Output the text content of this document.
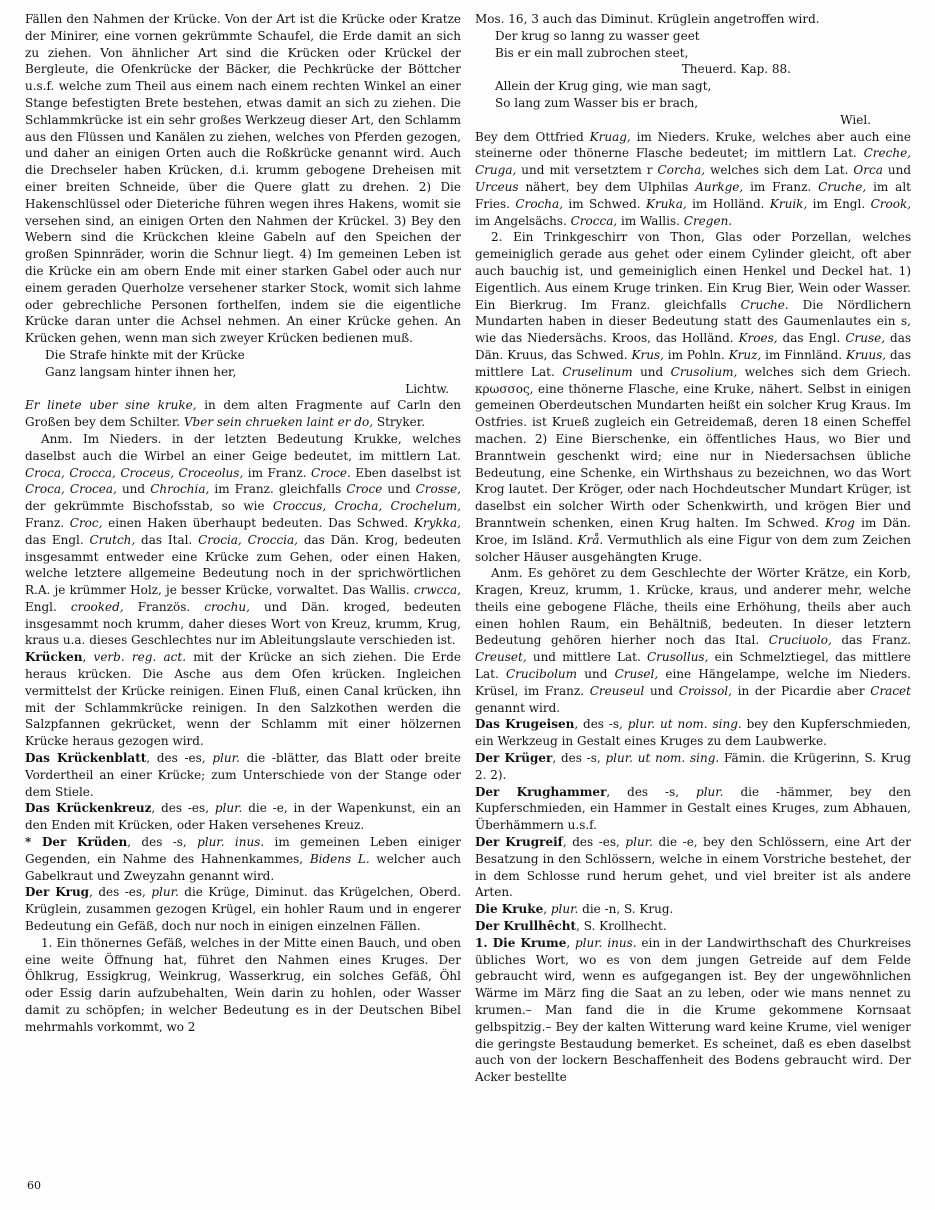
Fällen den Nahmen der Krücke. Von der Art ist die Krücke oder Kratze der Minirer, eine vornen gekrümmte Schaufel, die Erde damit an sich zu ziehen. Von ähnlicher Art sind die Krücken oder Krückel der Bergleute, die Ofenkrücke der Bäcker, die Pechkrücke der Böttcher u.s.f. welche zum Theil aus einem nach einem rechten Winkel an einer Stange befestigten Brete bestehen, etwas damit an sich zu ziehen. Die Schlammkrücke ist ein sehr großes Werkzeug dieser Art, den Schlamm aus den Flüssen und Kanälen zu ziehen, welches von Pferden gezogen, und daher an einigen Orten auch die Roßkrücke genannt wird. Auch die Drechseler haben Krücken, d.i. krumm gebogene Dreheisen mit einer breiten Schneide, über die Quere glatt zu drehen. 2) Die Hakenschlüssel oder Dieteriche führen wegen ihres Hakens, womit sie versehen sind, an einigen Orten den Nahmen der Krückel. 3) Bey den Webern sind die Krückchen kleine Gabeln auf den Speichen der großen Spinnräder, worin die Schnur liegt. 4) Im gemeinen Leben ist die Krücke ein am obern Ende mit einer starken Gabel oder auch nur einem geraden Querholze versehener starker Stock, womit sich lahme oder gebrechliche Personen forthelfen, indem sie die eigentliche Krücke daran unter die Achsel nehmen. An einer Krücke gehen. An Krücken gehen, wenn man sich zweyer Krücken bedienen muß.
Die Strafe hinkte mit der Krücke
Ganz langsam hinter ihnen her,
Lichtw.
Er linete uber sine kruke, in dem alten Fragmente auf Carln den Großen bey dem Schilter. Vber sein chrueken laint er do, Stryker.
Anm. Im Nieders. in der letzten Bedeutung Krukke, welches daselbst auch die Wirbel an einer Geige bedeutet, im mittlern Lat. Croca, Crocca, Croceus, Croceolus, im Franz. Croce. Eben daselbst ist Croca, Crocea, und Chrochia, im Franz. gleichfalls Croce und Crosse, der gekrümmte Bischofsstab, so wie Croccus, Crocha, Crochelum, Franz. Croc, einen Haken überhaupt bedeuten. Das Schwed. Krykka, das Engl. Crutch, das Ital. Crocia, Croccia, das Dän. Krog, bedeuten insgesammt entweder eine Krücke zum Gehen, oder einen Haken, welche letztere allgemeine Bedeutung noch in der sprichwörtlichen R.A. je krümmer Holz, je besser Krücke, vorwaltet. Das Wallis. crwcca, Engl. crooked, Französ. crochu, und Dän. kroged, bedeuten insgesammt noch krumm, daher dieses Wort von Kreuz, krumm, Krug, kraus u.a. dieses Geschlechtes nur im Ableitungslaute verschieden ist.
Krücken, verb. reg. act. mit der Krücke an sich ziehen. Die Erde heraus krücken. Die Asche aus dem Ofen krücken. Ingleichen vermittelst der Krücke reinigen. Einen Fluß, einen Canal krücken, ihn mit der Schlammkrücke reinigen. In den Salzkothen werden die Salzpfannen gekrücket, wenn der Schlamm mit einer hölzernen Krücke heraus gezogen wird.
Das Krückenblatt, des -es, plur. die -blätter, das Blatt oder breite Vordertheil an einer Krücke; zum Unterschiede von der Stange oder dem Stiele.
Das Krückenkreuz, des -es, plur. die -e, in der Wapenkunst, ein an den Enden mit Krücken, oder Haken versehenes Kreuz.
* Der Krüden, des -s, plur. inus. im gemeinen Leben einiger Gegenden, ein Nahme des Hahnenkammes, Bidens L. welcher auch Gabelkraut und Zweyzahn genannt wird.
Der Krug, des -es, plur. die Krüge, Diminut. das Krügelchen, Oberd. Krüglein, zusammen gezogen Krügel, ein hohler Raum und in engerer Bedeutung ein Gefäß, doch nur noch in einigen einzelnen Fällen.
1. Ein thönernes Gefäß, welches in der Mitte einen Bauch, und oben eine weite Öffnung hat, führet den Nahmen eines Kruges. Der Öhlkrug, Essigkrug, Weinkrug, Wasserkrug, ein solches Gefäß, Öhl oder Essig darin aufzubehalten, Wein darin zu hohlen, oder Wasser damit zu schöpfen; in welcher Bedeutung es in der Deutschen Bibel mehrmahls vorkommt, wo 2
Mos. 16, 3 auch das Diminut. Krüglein angetroffen wird.
Der krug so lanng zu wasser geet
Bis er ein mall zubrochen steet,
Theuerd. Kap. 88.
Allein der Krug ging, wie man sagt,
So lang zum Wasser bis er brach,
Wiel.
Bey dem Ottfried Kruag, im Nieders. Kruke, welches aber auch eine steinerne oder thönerne Flasche bedeutet; im mittlern Lat. Creche, Cruga, und mit versetztem r Corcha, welches sich dem Lat. Orca und Urceus nähert, bey dem Ulphilas Aurkge, im Franz. Cruche, im alt Fries. Crocha, im Schwed. Kruka, im Holländ. Kruik, im Engl. Crook, im Angelsächs. Crocca, im Wallis. Cregen.
2. Ein Trinkgeschirr von Thon, Glas oder Porzellan, welches gemeiniglich gerade aus gehet oder einem Cylinder gleicht, oft aber auch bauchig ist, und gemeiniglich einen Henkel und Deckel hat. 1) Eigentlich. Aus einem Kruge trinken. Ein Krug Bier, Wein oder Wasser. Ein Bierkrug. Im Franz. gleichfalls Cruche. Die Nördlichern Mundarten haben in dieser Bedeutung statt des Gaumenlautes ein s, wie das Niedersächs. Kroos, das Holländ. Kroes, das Engl. Cruse, das Dän. Kruus, das Schwed. Krus, im Pohln. Kruz, im Finnländ. Kruus, das mittlere Lat. Cruselinum und Crusolium, welches sich dem Griech. κρωσσος, eine thönerne Flasche, eine Kruke, nähert. Selbst in einigen gemeinen Oberdeutschen Mundarten heißt ein solcher Krug Kraus. Im Ostfries. ist Krueß zugleich ein Getreidemaß, deren 18 einen Scheffel machen. 2) Eine Bierschenke, ein öffentliches Haus, wo Bier und Branntwein geschenkt wird; eine nur in Niedersachsen übliche Bedeutung, eine Schenke, ein Wirthshaus zu bezeichnen, wo das Wort Krog lautet. Der Kröger, oder nach Hochdeutscher Mundart Krüger, ist daselbst ein solcher Wirth oder Schenkwirth, und krögen Bier und Branntwein schenken, einen Krug halten. Im Schwed. Krog im Dän. Kroe, im Isländ. Krå. Vermuthlich als eine Figur von dem zum Zeichen solcher Häuser ausgehängten Kruge.
Anm. Es gehöret zu dem Geschlechte der Wörter Krätze, ein Korb, Kragen, Kreuz, krumm, 1. Krücke, kraus, und anderer mehr, welche theils eine gebogene Fläche, theils eine Erhöhung, theils aber auch einen hohlen Raum, ein Behältniß, bedeuten. In dieser letztern Bedeutung gehören hierher noch das Ital. Cruciuolo, das Franz. Creuset, und mittlere Lat. Crusollus, ein Schmelztiegel, das mittlere Lat. Crucibolum und Crusel, eine Hängelampe, welche im Nieders. Krüsel, im Franz. Creuseul und Croissol, in der Picardie aber Cracet genannt wird.
Das Krugeisen, des -s, plur. ut nom. sing. bey den Kupferschmieden, ein Werkzeug in Gestalt eines Kruges zu dem Laubwerke.
Der Krüger, des -s, plur. ut nom. sing. Fämin. die Krügerinn, S. Krug 2. 2).
Der Krughammer, des -s, plur. die -hämmer, bey den Kupferschmieden, ein Hammer in Gestalt eines Kruges, zum Abhauen, Überhämmern u.s.f.
Der Krugreif, des -es, plur. die -e, bey den Schlössern, eine Art der Besatzung in den Schlössern, welche in einem Vorstriche bestehet, der in dem Schlosse rund herum gehet, und viel breiter ist als andere Arten.
Die Kruke, plur. die -n, S. Krug.
Der Krullhêcht, S. Krollhecht.
1. Die Krume, plur. inus. ein in der Landwirthschaft des Churkreises übliches Wort, wo es von dem jungen Getreide auf dem Felde gebraucht wird, wenn es aufgegangen ist. Bey der ungewöhnlichen Wärme im März fing die Saat an zu leben, oder wie mans nennet zu krumen.– Man fand die in die Krume gekommene Kornsaat gelbspitzig.– Bey der kalten Witterung ward keine Krume, viel weniger die geringste Bestaudung bemerket. Es scheinet, daß es eben daselbst auch von der lockern Beschaffenheit des Bodens gebraucht wird. Der Acker bestellte
60
